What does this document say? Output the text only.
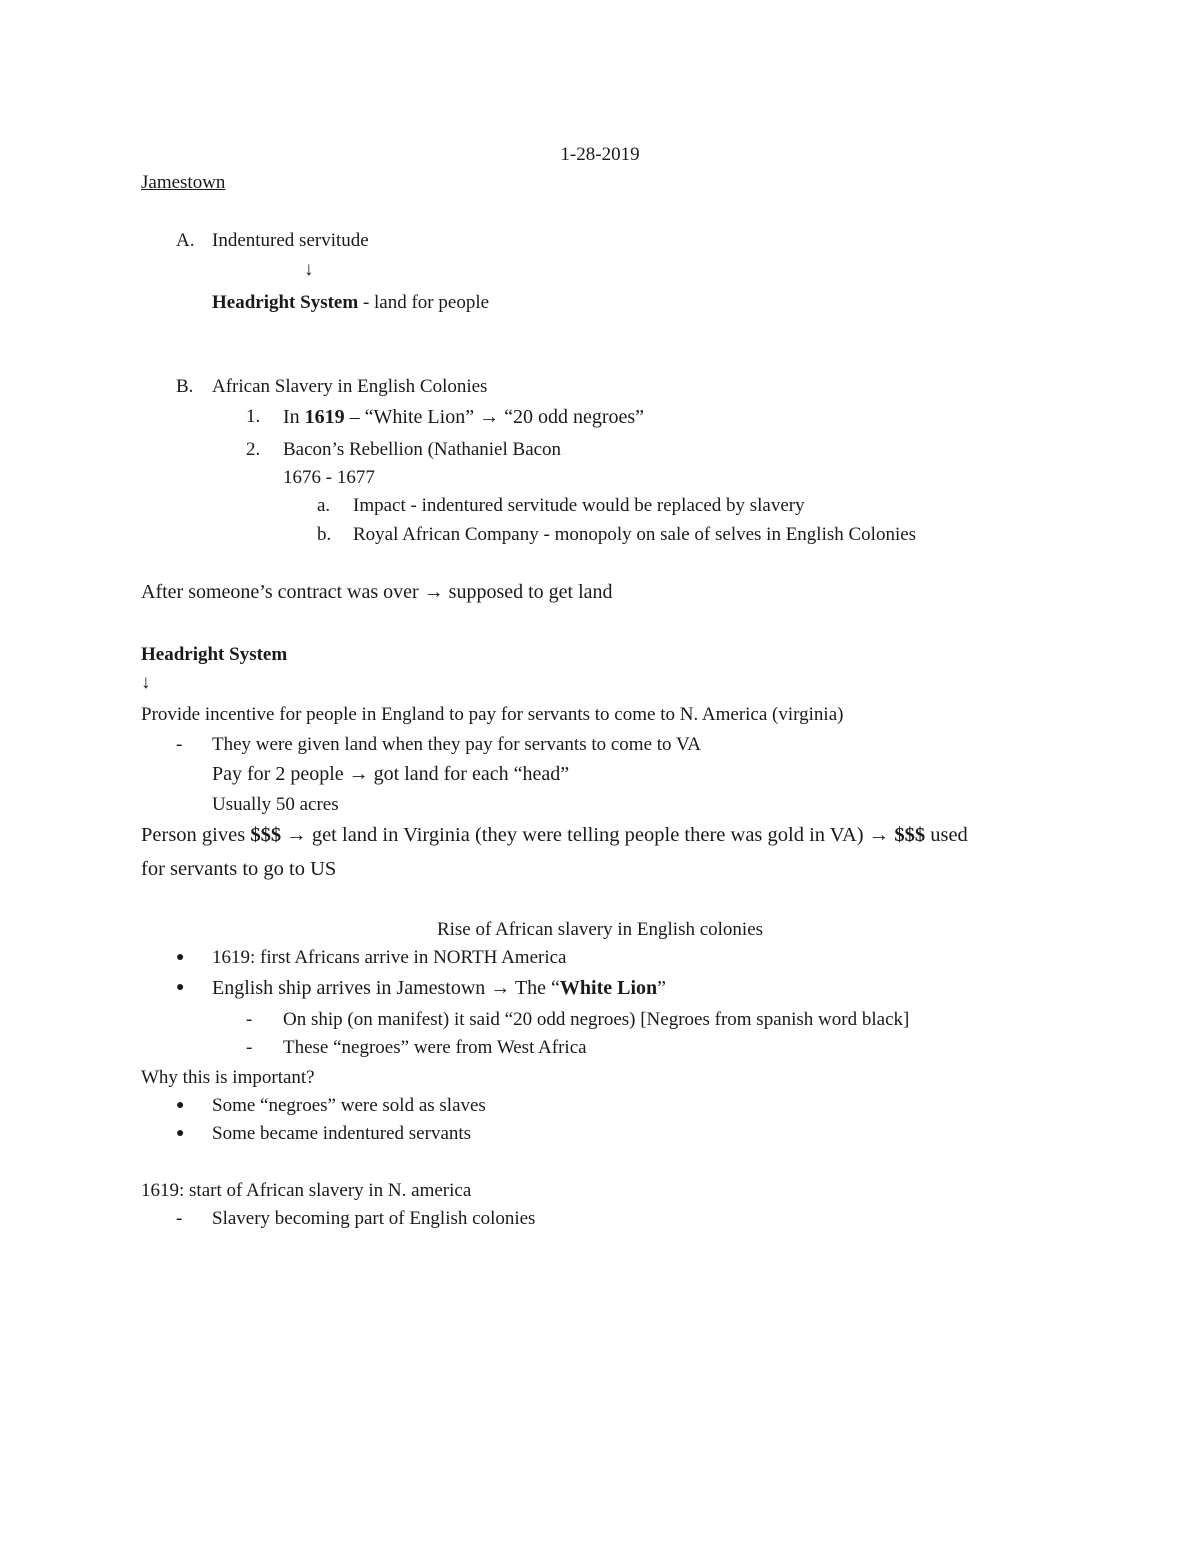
1-28-2019
Jamestown
A. Indentured servitude
↓
Headright System - land for people
B. African Slavery in English Colonies
1. In 1619 – “White Lion” → “20 odd negroes”
2. Bacon’s Rebellion (Nathaniel Bacon
1676 - 1677
a. Impact - indentured servitude would be replaced by slavery
b. Royal African Company - monopoly on sale of selves in English Colonies
After someone’s contract was over → supposed to get land
Headright System
↓
Provide incentive for people in England to pay for servants to come to N. America (virginia)
- They were given land when they pay for servants to come to VA
Pay for 2 people → got land for each “head”
Usually 50 acres
Person gives $$$ → get land in Virginia (they were telling people there was gold in VA) → $$$ used
for servants to go to US
Rise of African slavery in English colonies
● 1619: first Africans arrive in NORTH America
● English ship arrives in Jamestown → The “White Lion”
- On ship (on manifest) it said “20 odd negroes) [Negroes from spanish word black]
- These “negroes” were from West Africa
Why this is important?
● Some “negroes” were sold as slaves
● Some became indentured servants
1619: start of African slavery in N. america
- Slavery becoming part of English colonies
